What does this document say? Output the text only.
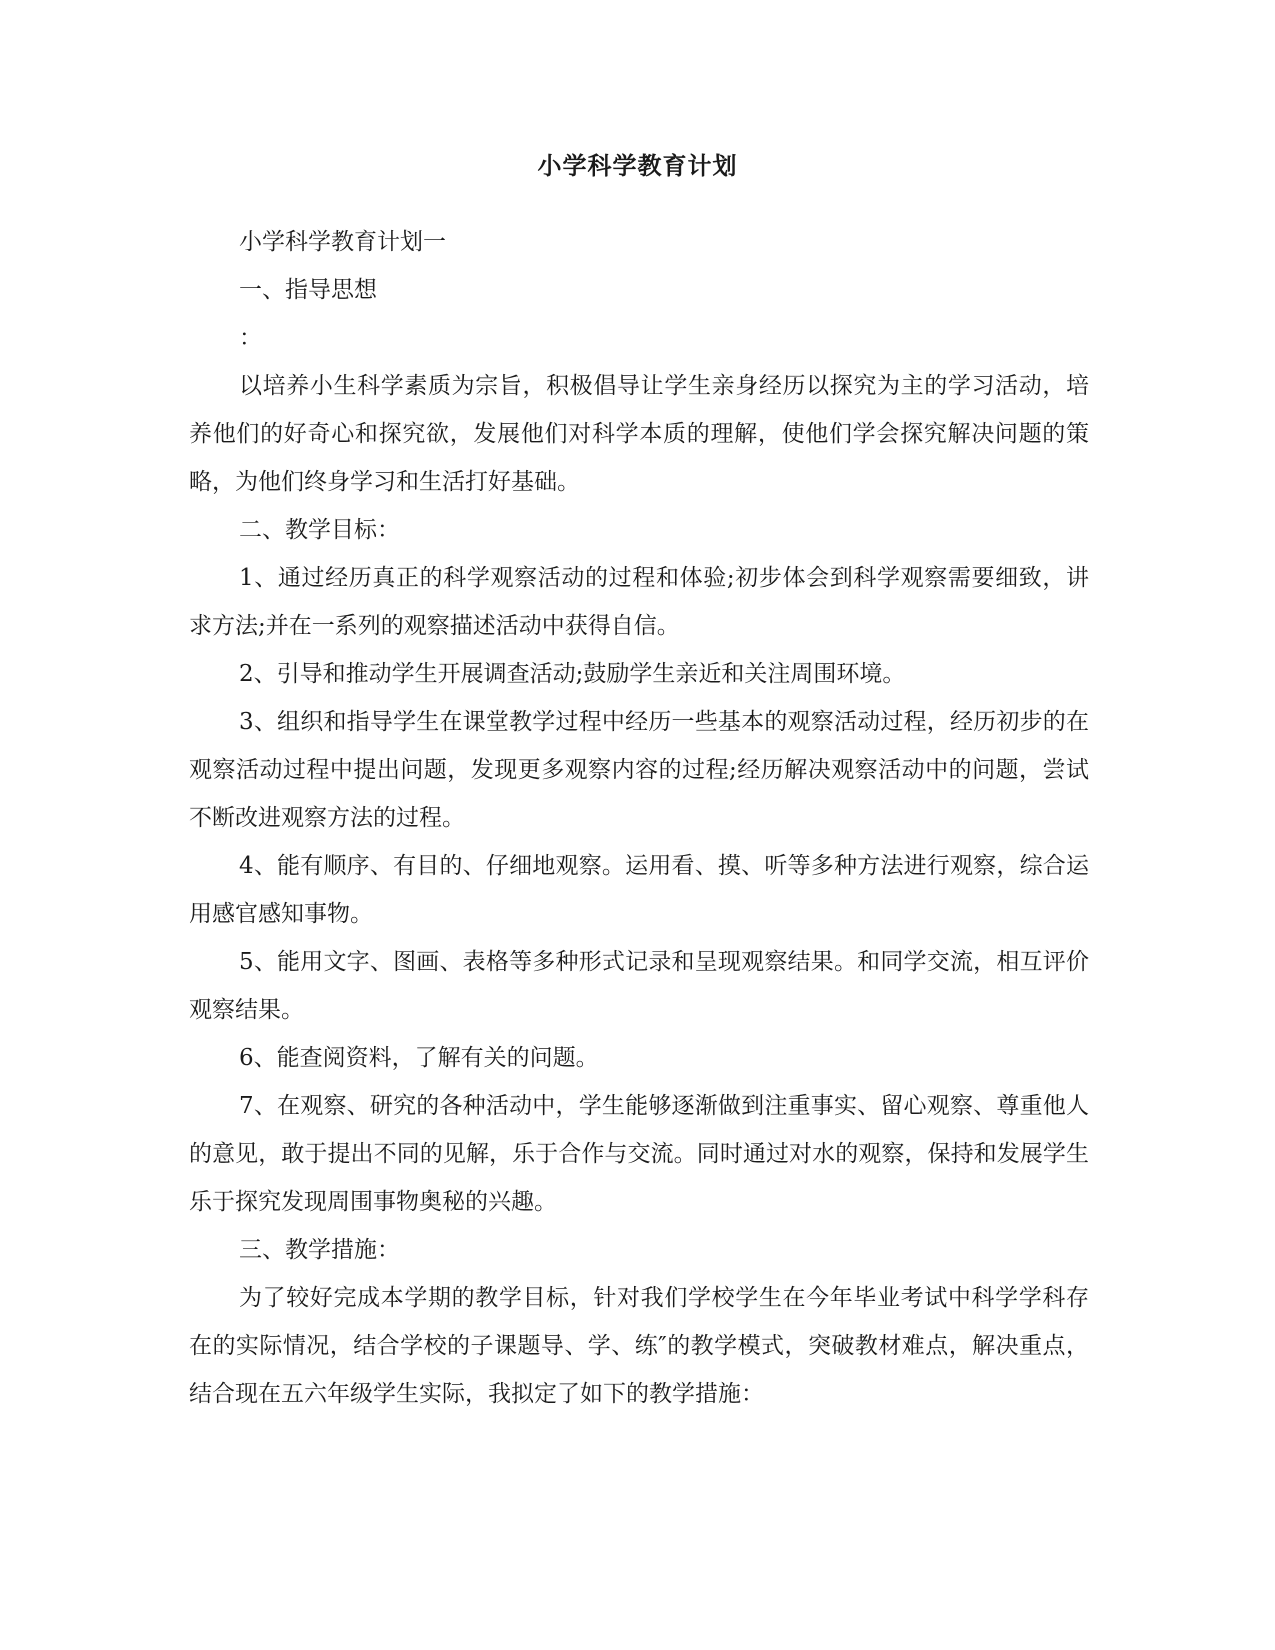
小学科学教育计划

小学科学教育计划一

一、指导思想

：

以培养小生科学素质为宗旨，积极倡导让学生亲身经历以探究为主的学习活动，培养他们的好奇心和探究欲，发展他们对科学本质的理解，使他们学会探究解决问题的策略，为他们终身学习和生活打好基础。

二、教学目标：

1、通过经历真正的科学观察活动的过程和体验;初步体会到科学观察需要细致，讲求方法;并在一系列的观察描述活动中获得自信。

2、引导和推动学生开展调查活动;鼓励学生亲近和关注周围环境。

3、组织和指导学生在课堂教学过程中经历一些基本的观察活动过程，经历初步的在观察活动过程中提出问题，发现更多观察内容的过程;经历解决观察活动中的问题，尝试不断改进观察方法的过程。

4、能有顺序、有目的、仔细地观察。运用看、摸、听等多种方法进行观察，综合运用感官感知事物。

5、能用文字、图画、表格等多种形式记录和呈现观察结果。和同学交流，相互评价观察结果。

6、能查阅资料，了解有关的问题。

7、在观察、研究的各种活动中，学生能够逐渐做到注重事实、留心观察、尊重他人的意见，敢于提出不同的见解，乐于合作与交流。同时通过对水的观察，保持和发展学生乐于探究发现周围事物奥秘的兴趣。

三、教学措施：

为了较好完成本学期的教学目标，针对我们学校学生在今年毕业考试中科学学科存在的实际情况，结合学校的子课题导、学、练″的教学模式，突破教材难点，解决重点，结合现在五六年级学生实际，我拟定了如下的教学措施：
